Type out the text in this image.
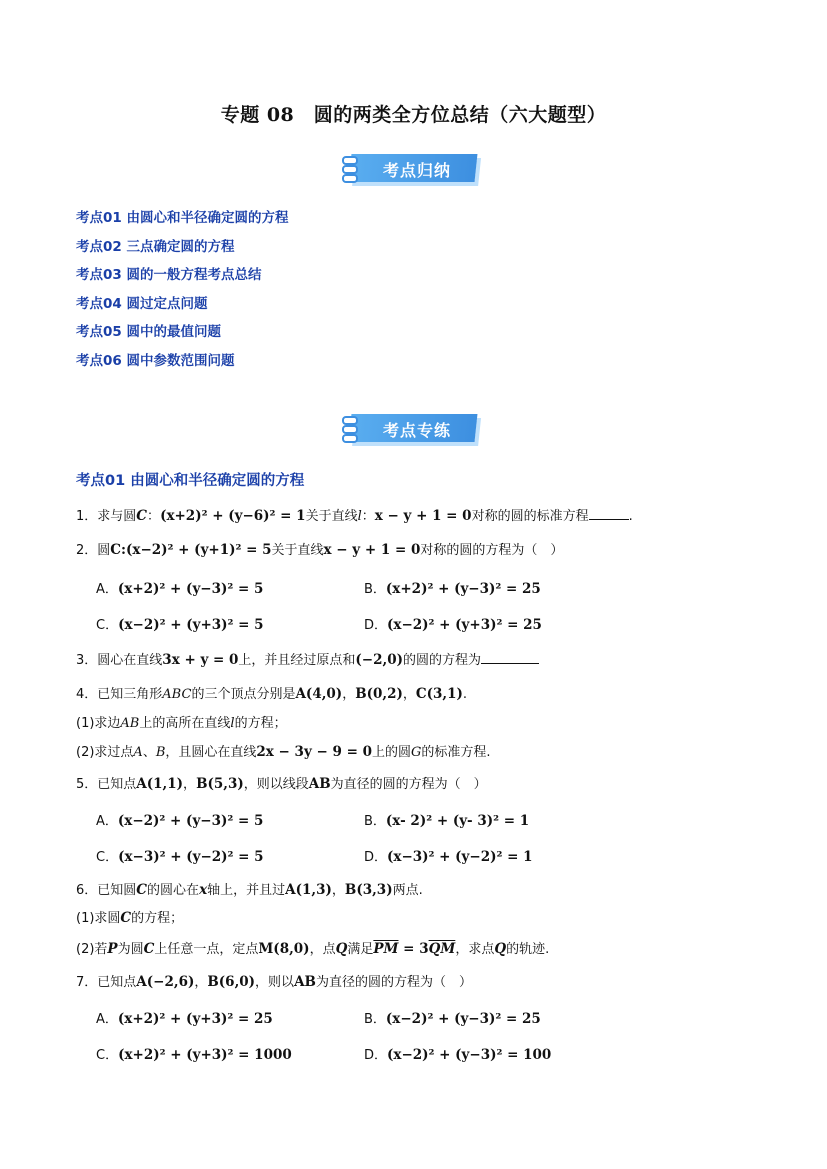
专题 08　圆的两类全方位总结（六大题型）
考点归纳
考点01 由圆心和半径确定圆的方程
考点02 三点确定圆的方程
考点03 圆的一般方程考点总结
考点04 圆过定点问题
考点05 圆中的最值问题
考点06 圆中参数范围问题
考点专练
考点01 由圆心和半径确定圆的方程
1．求与圆C：(x+2)² + (y−6)² = 1关于直线l：x − y + 1 = 0对称的圆的标准方程	.
2．圆C:(x−2)² + (y+1)² = 5关于直线x − y + 1 = 0对称的圆的方程为（　）
A．(x+2)² + (y−3)² = 5	B．(x+2)² + (y−3)² = 25
C．(x−2)² + (y+3)² = 5	D．(x−2)² + (y+3)² = 25
3．圆心在直线3x + y = 0上，并且经过原点和(−2,0)的圆的方程为
4．已知三角形ABC的三个顶点分别是A(4,0)，B(0,2)，C(3,1).
(1)求边AB上的高所在直线l的方程；
(2)求过点A、B，且圆心在直线2x − 3y − 9 = 0上的圆G的标准方程.
5．已知点A(1,1)，B(5,3)，则以线段AB为直径的圆的方程为（　）
A．(x−2)² + (y−3)² = 5	B．(x- 2)² + (y- 3)² = 1
C．(x−3)² + (y−2)² = 5	D．(x−3)² + (y−2)² = 1
6．已知圆C的圆心在x轴上，并且过A(1,3)，B(3,3)两点.
(1)求圆C的方程；
(2)若P为圆C上任意一点，定点M(8,0)，点Q满足$\overline{PM} = 3\overline{QM}$，求点Q的轨迹.
7．已知点A(−2,6)，B(6,0)，则以AB为直径的圆的方程为（　）
A．(x+2)² + (y+3)² = 25	B．(x−2)² + (y−3)² = 25
C．(x+2)² + (y+3)² = 1000	D．(x−2)² + (y−3)² = 100
